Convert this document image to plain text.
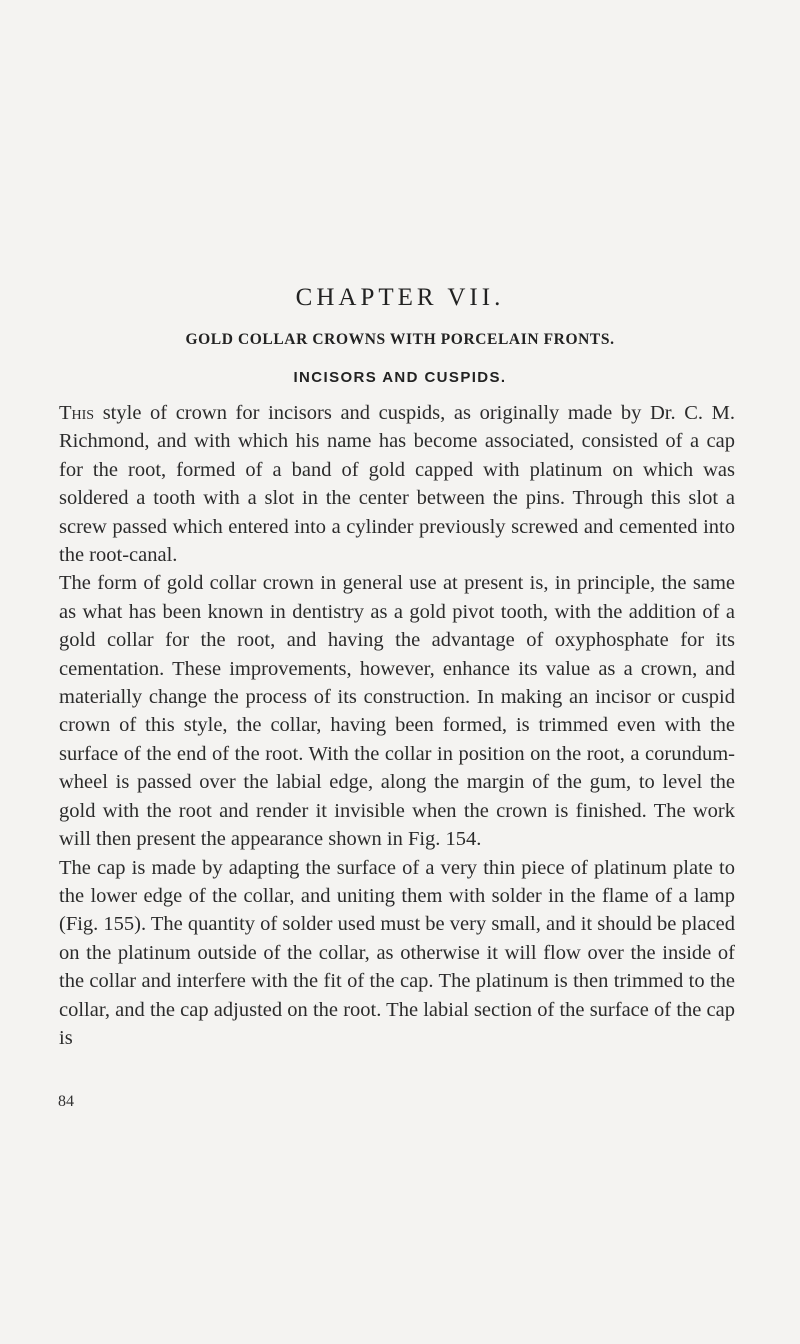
CHAPTER VII.
GOLD COLLAR CROWNS WITH PORCELAIN FRONTS.
INCISORS AND CUSPIDS.

This style of crown for incisors and cuspids, as originally made by Dr. C. M. Richmond, and with which his name has become associated, consisted of a cap for the root, formed of a band of gold capped with platinum on which was soldered a tooth with a slot in the center between the pins. Through this slot a screw passed which entered into a cylinder previously screwed and cemented into the root-canal.

The form of gold collar crown in general use at present is, in principle, the same as what has been known in dentistry as a gold pivot tooth, with the addition of a gold collar for the root, and having the advantage of oxyphosphate for its cementation. These improvements, however, enhance its value as a crown, and materially change the process of its construction. In making an incisor or cuspid crown of this style, the collar, having been formed, is trimmed even with the surface of the end of the root. With the collar in position on the root, a corundum-wheel is passed over the labial edge, along the margin of the gum, to level the gold with the root and render it invisible when the crown is finished. The work will then present the appearance shown in Fig. 154.

The cap is made by adapting the surface of a very thin piece of platinum plate to the lower edge of the collar, and uniting them with solder in the flame of a lamp (Fig. 155). The quantity of solder used must be very small, and it should be placed on the platinum outside of the collar, as otherwise it will flow over the inside of the collar and interfere with the fit of the cap. The platinum is then trimmed to the collar, and the cap adjusted on the root. The labial section of the surface of the cap is

84
